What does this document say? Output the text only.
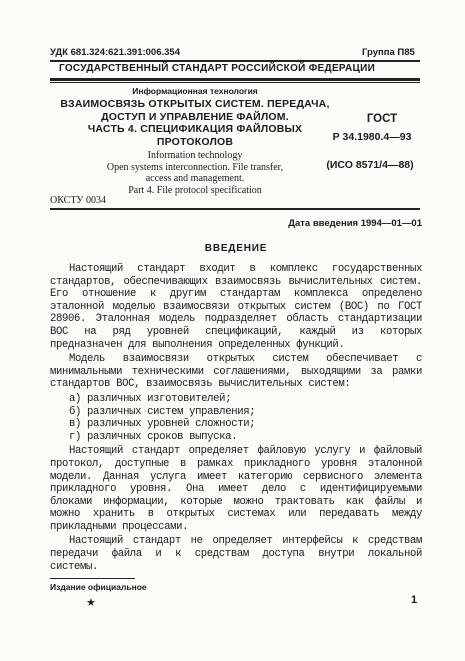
УДК 681.324:621.391:006.354	Группа П85
ГОСУДАРСТВЕННЫЙ СТАНДАРТ РОССИЙСКОЙ ФЕДЕРАЦИИ
Информационная технология
ВЗАИМОСВЯЗЬ ОТКРЫТЫХ СИСТЕМ. ПЕРЕДАЧА,
ДОСТУП И УПРАВЛЕНИЕ ФАЙЛОМ.
ЧАСТЬ 4. СПЕЦИФИКАЦИЯ ФАЙЛОВЫХ
ПРОТОКОЛОВ
Information technology
Open systems interconnection. File transfer,
access and management.
Part 4. File protocol specification
ГОСТ
Р 34.1980.4—93
(ИСО 8571/4—88)
ОКСТУ 0034
Дата введения 1994—01—01
ВВЕДЕНИЕ

Настоящий стандарт входит в комплекс государственных стандартов, обеспечивающих взаимосвязь вычислительных систем. Его отношение к другим стандартам комплекса определено эталонной моделью взаимосвязи открытых систем (ВОС) по ГОСТ 28906. Эталонная модель подразделяет область стандартизации ВОС на ряд уровней спецификаций, каждый из которых предназначен для выполнения определенных функций.

Модель взаимосвязи открытых систем обеспечивает с минимальными техническими соглашениями, выходящими за рамки стандартов ВОС, взаимосвязь вычислительных систем:

а) различных изготовителей;
б) различных систем управления;
в) различных уровней сложности;
г) различных сроков выпуска.

Настоящий стандарт определяет файловую услугу и файловый протокол, доступные в рамках прикладного уровня эталонной модели. Данная услуга имеет категорию сервисного элемента прикладного уровня. Она имеет дело с идентифицируемыми блоками информации, которые можно трактовать как файлы и можно хранить в открытых системах или передавать между прикладными процессами.

Настоящий стандарт не определяет интерфейсы к средствам передачи файла и к средствам доступа внутри локальной системы.

Издание официальное
★	1
